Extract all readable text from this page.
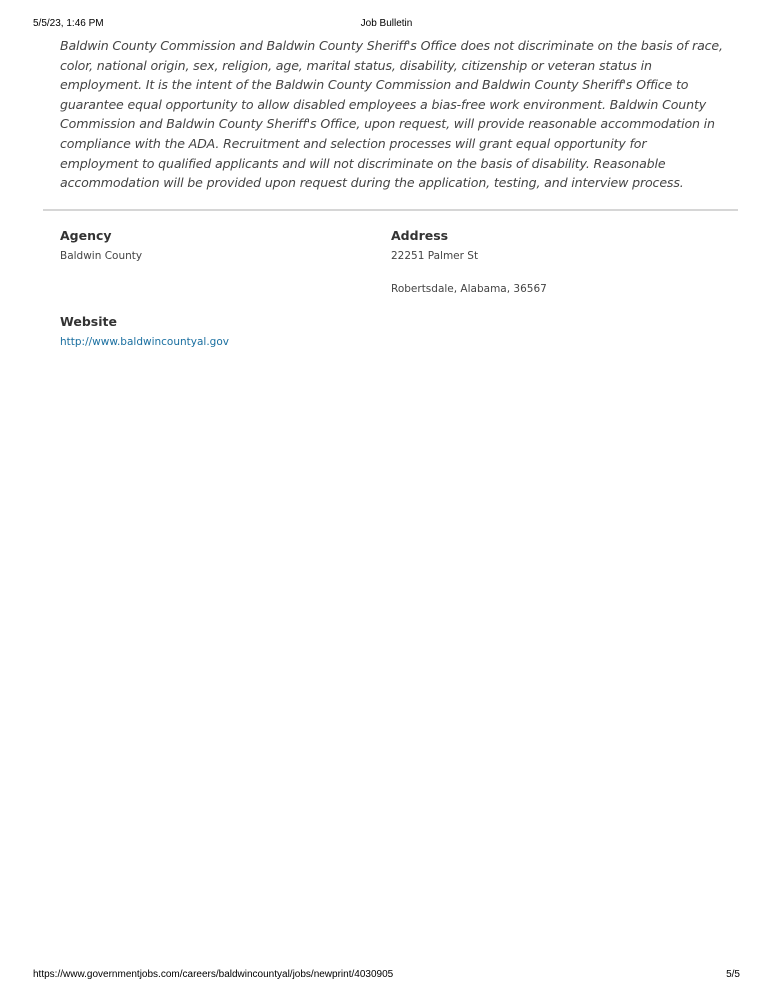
5/5/23, 1:46 PM	Job Bulletin

Baldwin County Commission and Baldwin County Sheriff's Office does not discriminate on the basis of race, color, national origin, sex, religion, age, marital status, disability, citizenship or veteran status in employment. It is the intent of the Baldwin County Commission and Baldwin County Sheriff's Office to guarantee equal opportunity to allow disabled employees a bias-free work environment. Baldwin County Commission and Baldwin County Sheriff's Office, upon request, will provide reasonable accommodation in compliance with the ADA. Recruitment and selection processes will grant equal opportunity for employment to qualified applicants and will not discriminate on the basis of disability. Reasonable accommodation will be provided upon request during the application, testing, and interview process.

Agency
Baldwin County
Address
22251 Palmer St
Robertsdale, Alabama, 36567
Website
http://www.baldwincountyal.gov
https://www.governmentjobs.com/careers/baldwincountyal/jobs/newprint/4030905	5/5
